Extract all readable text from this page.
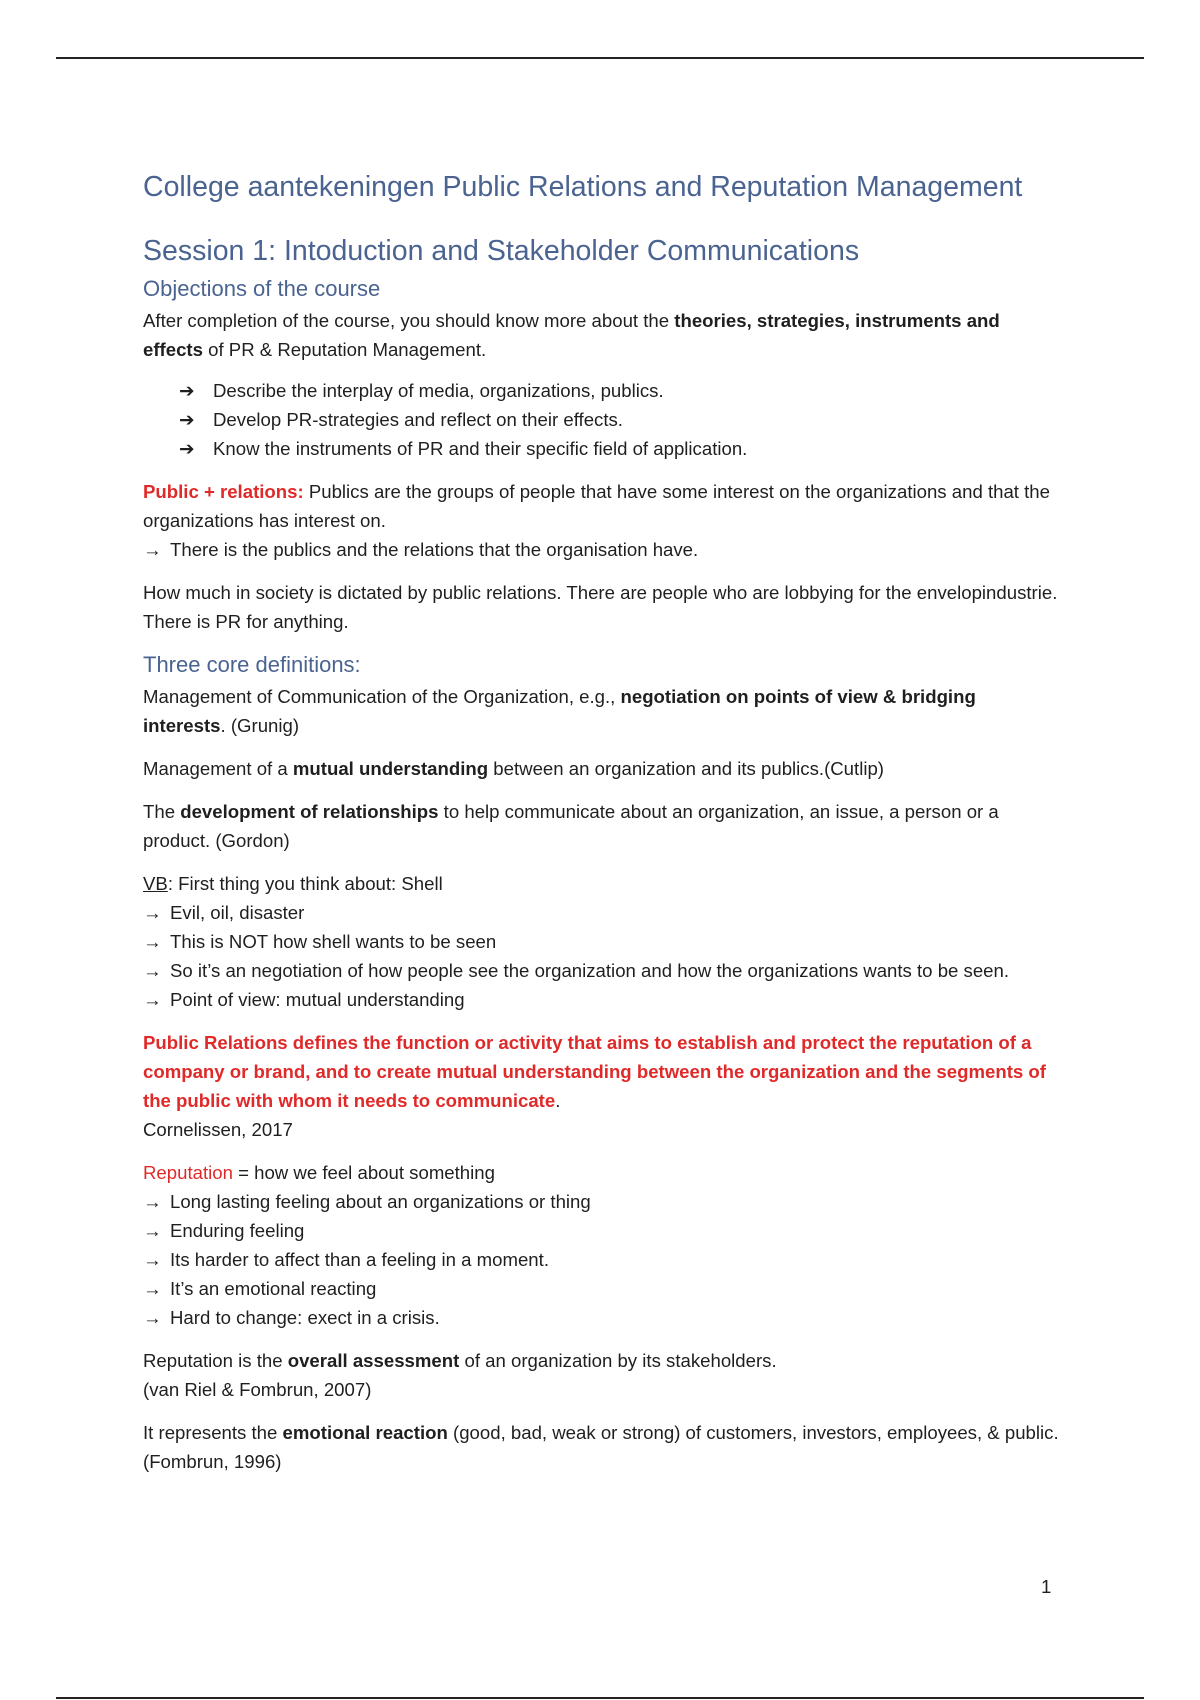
College aantekeningen Public Relations and Reputation Management
Session 1: Intoduction and Stakeholder Communications
Objections of the course

After completion of the course, you should know more about the theories, strategies, instruments and effects of PR & Reputation Management.

➔ Describe the interplay of media, organizations, publics.
➔ Develop PR-strategies and reflect on their effects.
➔ Know the instruments of PR and their specific field of application.

Public + relations: Publics are the groups of people that have some interest on the organizations and that the organizations has interest on.

→ There is the publics and the relations that the organisation have.

How much in society is dictated by public relations. There are people who are lobbying for the envelopindustrie. There is PR for anything.

Three core definitions:

Management of Communication of the Organization, e.g., negotiation on points of view & bridging interests. (Grunig)

Management of a mutual understanding between an organization and its publics.(Cutlip)

The development of relationships to help communicate about an organization, an issue, a person or a product. (Gordon)

VB: First thing you think about: Shell
→ Evil, oil, disaster
→ This is NOT how shell wants to be seen
→ So it’s an negotiation of how people see the organization and how the organizations wants to be seen.
→ Point of view: mutual understanding

Public Relations defines the function or activity that aims to establish and protect the reputation of a company or brand, and to create mutual understanding between the organization and the segments of the public with whom it needs to communicate.

Cornelissen, 2017

Reputation = how we feel about something
→ Long lasting feeling about an organizations or thing
→ Enduring feeling
→ Its harder to affect than a feeling in a moment.
→ It’s an emotional reacting
→ Hard to change: exect in a crisis.

Reputation is the overall assessment of an organization by its stakeholders.

(van Riel & Fombrun, 2007)

It represents the emotional reaction (good, bad, weak or strong) of customers, investors, employees, & public. (Fombrun, 1996)

1
